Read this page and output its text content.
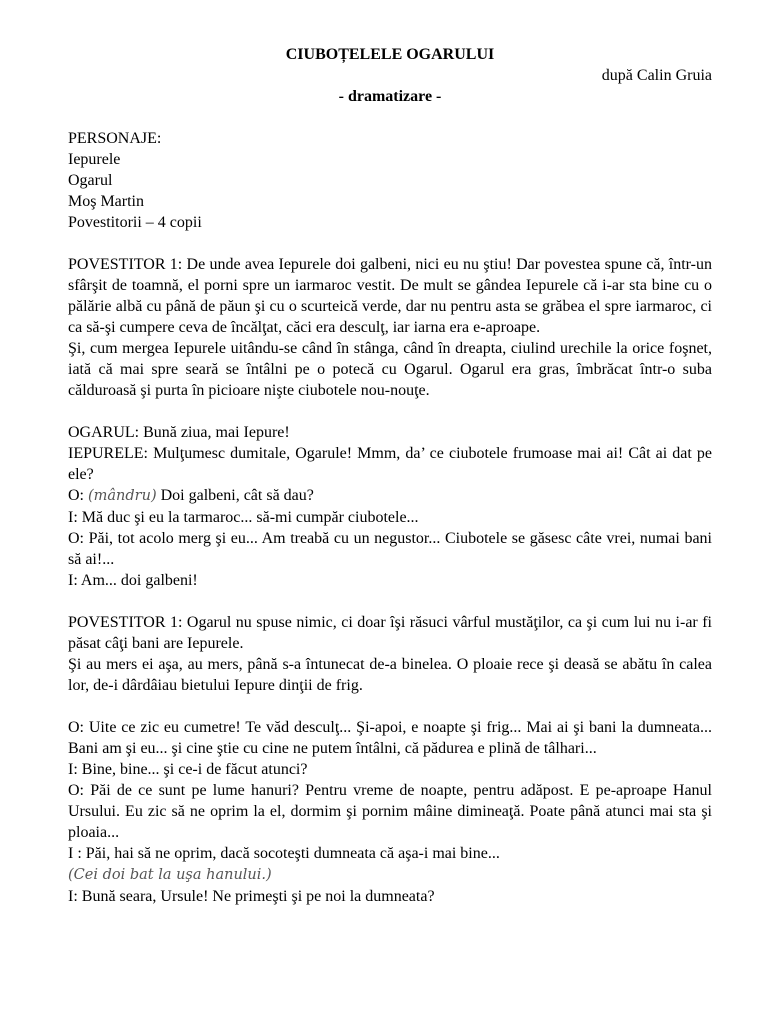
CIUBOȚELELE OGARULUI

după Calin Gruia

- dramatizare -

PERSONAJE:

Iepurele

Ogarul

Moş Martin

Povestitorii – 4 copii

POVESTITOR 1: De unde avea Iepurele doi galbeni, nici eu nu ştiu! Dar povestea spune că, într-un sfârşit de toamnă, el porni spre un iarmaroc vestit. De mult se gândea Iepurele că i-ar sta bine cu o pălărie albă cu până de păun şi cu o scurteică verde, dar nu pentru asta se grăbea el spre iarmaroc, ci ca să-şi cumpere ceva de încălţat, căci era desculţ, iar iarna era e-aproape.

Şi, cum mergea Iepurele uitându-se când în stânga, când în dreapta, ciulind urechile la orice foşnet, iată că mai spre seară se întâlni pe o potecă cu Ogarul. Ogarul era gras, îmbrăcat într-o suba călduroasă şi purta în picioare nişte ciubotele nou-nouţe.

OGARUL: Bună ziua, mai Iepure!

IEPURELE: Mulţumesc dumitale, Ogarule! Mmm, da’ ce ciubotele frumoase mai ai! Cât ai dat pe ele?

O: (mândru) Doi galbeni, cât să dau?

I: Mă duc şi eu la tarmaroc... să-mi cumpăr ciubotele...

O: Păi, tot acolo merg şi eu... Am treabă cu un negustor... Ciubotele se găsesc câte vrei, numai bani să ai!...

I: Am... doi galbeni!

POVESTITOR 1: Ogarul nu spuse nimic, ci doar îşi răsuci vârful mustăţilor, ca şi cum lui nu i-ar fi păsat câţi bani are Iepurele.

Şi au mers ei aşa, au mers, până s-a întunecat de-a binelea. O ploaie rece şi deasă se abătu în calea lor, de-i dârdâiau bietului Iepure dinţii de frig.

O: Uite ce zic eu cumetre! Te văd desculţ... Şi-apoi, e noapte şi frig... Mai ai şi bani la dumneata... Bani am şi eu... şi cine ştie cu cine ne putem întâlni, că pădurea e plină de tâlhari...

I: Bine, bine... şi ce-i de făcut atunci?

O: Păi de ce sunt pe lume hanuri? Pentru vreme de noapte, pentru adăpost. E pe-aproape Hanul Ursului. Eu zic să ne oprim la el, dormim şi pornim mâine dimineaţă. Poate până atunci mai sta şi ploaia...

I : Păi, hai să ne oprim, dacă socoteşti dumneata că aşa-i mai bine...

(Cei doi bat la uşa hanului.)

I: Bună seara, Ursule! Ne primeşti şi pe noi la dumneata?
